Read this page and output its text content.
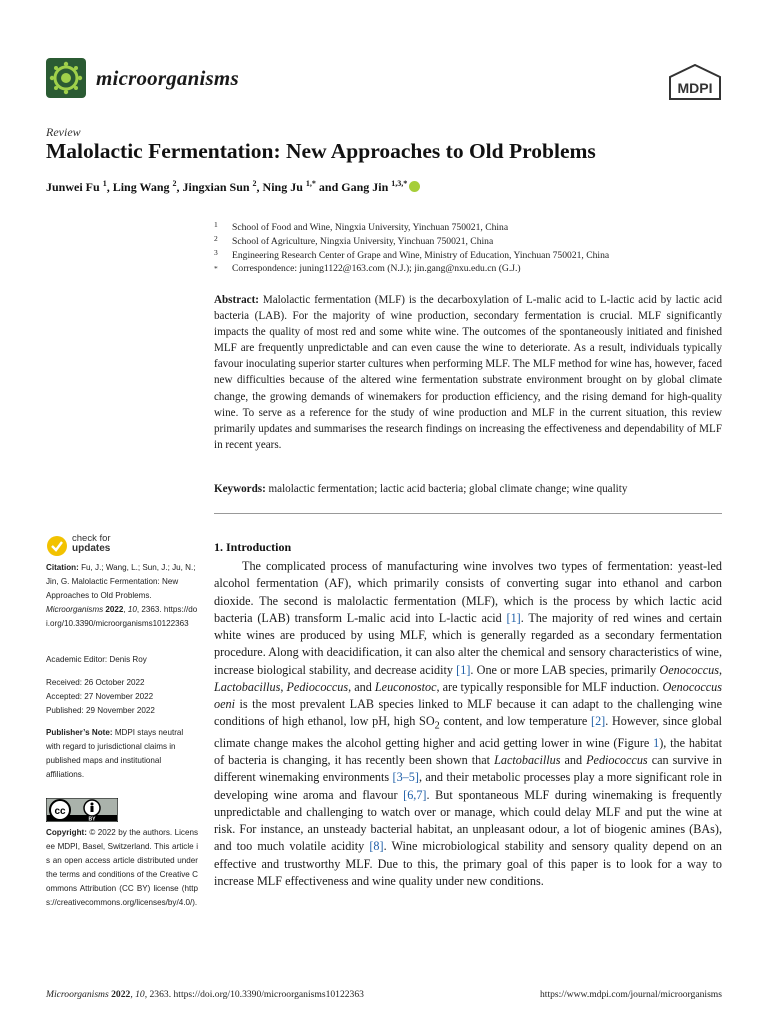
microorganisms	MDPI
Review
Malolactic Fermentation: New Approaches to Old Problems
Junwei Fu $^1$, Ling Wang $^2$, Jingxian Sun $^2$, Ning Ju $^{1,*}$ and Gang Jin $^{1,3,*}$
1 School of Food and Wine, Ningxia University, Yinchuan 750021, China
2 School of Agriculture, Ningxia University, Yinchuan 750021, China
3 Engineering Research Center of Grape and Wine, Ministry of Education, Yinchuan 750021, China
* Correspondence: juning1122@163.com (N.J.); jin.gang@nxu.edu.cn (G.J.)
Abstract: Malolactic fermentation (MLF) is the decarboxylation of L-malic acid to L-lactic acid by lactic acid bacteria (LAB). For the majority of wine production, secondary fermentation is crucial. MLF significantly impacts the quality of most red and some white wine. The outcomes of the spontaneously initiated and finished MLF are frequently unpredictable and can even cause the wine to deteriorate. As a result, individuals typically favour inoculating superior starter cultures when performing MLF. The MLF method for wine has, however, faced new difficulties because of the altered wine fermentation substrate environment brought on by global climate change, the growing demands of winemakers for production efficiency, and the rising demand for high-quality wine. To serve as a reference for the study of wine production and MLF in the current situation, this review primarily updates and summarises the research findings on increasing the effectiveness and dependability of MLF in recent years.
Keywords: malolactic fermentation; lactic acid bacteria; global climate change; wine quality
check for
updates
Citation: Fu, J.; Wang, L.; Sun, J.; Ju, N.; Jin, G. Malolactic Fermentation: New Approaches to Old Problems. Microorganisms 2022, 10, 2363. https://doi.org/10.3390/microorganisms10122363
Academic Editor: Denis Roy
Received: 26 October 2022
Accepted: 27 November 2022
Published: 29 November 2022
Publisher’s Note: MDPI stays neutral with regard to jurisdictional claims in published maps and institutional affiliations.
cc
BY
Copyright: © 2022 by the authors. Licensee MDPI, Basel, Switzerland. This article is an open access article distributed under the terms and conditions of the Creative Commons Attribution (CC BY) license (https://creativecommons.org/licenses/by/4.0/).
1. Introduction

The complicated process of manufacturing wine involves two types of fermentation: yeast-led alcohol fermentation (AF), which primarily consists of converting sugar into ethanol and carbon dioxide. The second is malolactic fermentation (MLF), which is the process by which lactic acid bacteria (LAB) transform L-malic acid into L-lactic acid [1]. The majority of red wines and certain white wines are produced by using MLF, which is generally regarded as a secondary fermentation procedure. Along with deacidification, it can also alter the chemical and sensory characteristics of wine, increase biological stability, and decrease acidity [1]. One or more LAB species, primarily Oenococcus, Lactobacillus, Pediococcus, and Leuconostoc, are typically responsible for MLF induction. Oenococcus oeni is the most prevalent LAB species linked to MLF because it can adapt to the challenging wine conditions of high ethanol, low pH, high $SO_2$ content, and low temperature [2]. However, since global climate change makes the alcohol getting higher and acid getting lower in wine (Figure 1), the habitat of bacteria is changing, it has recently been shown that Lactobacillus and Pediococcus can survive in different winemaking environments [3–5], and their metabolic processes play a more significant role in developing wine aroma and flavour [6,7]. But spontaneous MLF during winemaking is frequently unpredictable and challenging to watch over or manage, which could delay MLF and put the wine at risk. For instance, an unsteady bacterial habitat, an unpleasant odour, a lot of biogenic amines (BAs), and too much volatile acidity [8]. Wine microbiological stability and sensory quality depend on an effective and trustworthy MLF. Due to this, the primary goal of this paper is to look for a way to increase MLF effectiveness and wine quality under new conditions.

Microorganisms 2022, 10, 2363. https://doi.org/10.3390/microorganisms10122363	https://www.mdpi.com/journal/microorganisms
